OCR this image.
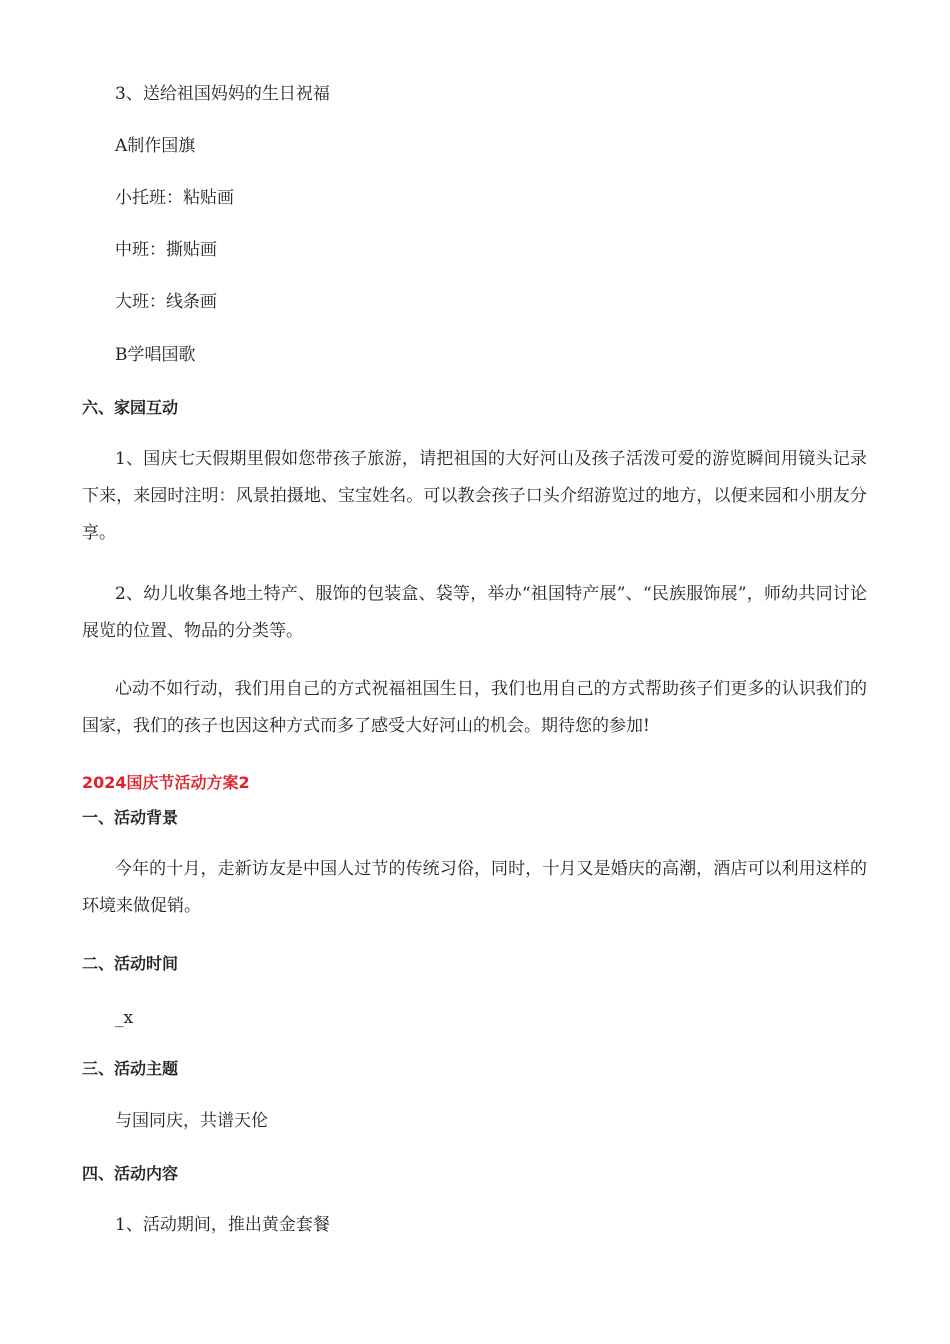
3、送给祖国妈妈的生日祝福
A制作国旗
小托班：粘贴画
中班：撕贴画
大班：线条画
B学唱国歌
六、家园互动
1、国庆七天假期里假如您带孩子旅游，请把祖国的大好河山及孩子活泼可爱的游览瞬间用镜头记录下来，来园时注明：风景拍摄地、宝宝姓名。可以教会孩子口头介绍游览过的地方，以便来园和小朋友分享。
2、幼儿收集各地土特产、服饰的包装盒、袋等，举办“祖国特产展”、“民族服饰展”，师幼共同讨论展览的位置、物品的分类等。
心动不如行动，我们用自己的方式祝福祖国生日，我们也用自己的方式帮助孩子们更多的认识我们的国家，我们的孩子也因这种方式而多了感受大好河山的机会。期待您的参加!
2024国庆节活动方案2
一、活动背景
今年的十月，走新访友是中国人过节的传统习俗，同时，十月又是婚庆的高潮，酒店可以利用这样的环境来做促销。
二、活动时间
_x
三、活动主题
与国同庆，共谱天伦
四、活动内容
1、活动期间，推出黄金套餐
